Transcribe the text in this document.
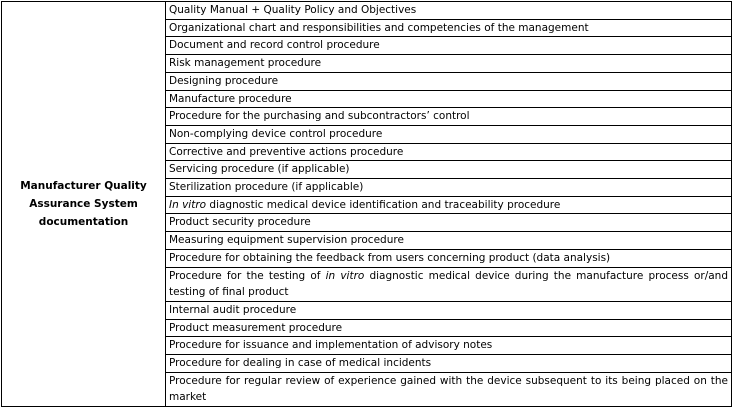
Manufacturer Quality Assurance System documentation	Quality Manual + Quality Policy and Objectives
Organizational chart and responsibilities and competencies of the management
Document and record control procedure
Risk management procedure
Designing procedure
Manufacture procedure
Procedure for the purchasing and subcontractors’ control
Non-complying device control procedure
Corrective and preventive actions procedure
Servicing procedure (if applicable)
Sterilization procedure (if applicable)
In vitro diagnostic medical device identification and traceability procedure
Product security procedure
Measuring equipment supervision procedure
Procedure for obtaining the feedback from users concerning product (data analysis)
Procedure for the testing of in vitro diagnostic medical device during the manufacture process or/and testing of final product
Internal audit procedure
Product measurement procedure
Procedure for issuance and implementation of advisory notes
Procedure for dealing in case of medical incidents
Procedure for regular review of experience gained with the device subsequent to its being placed on the market
